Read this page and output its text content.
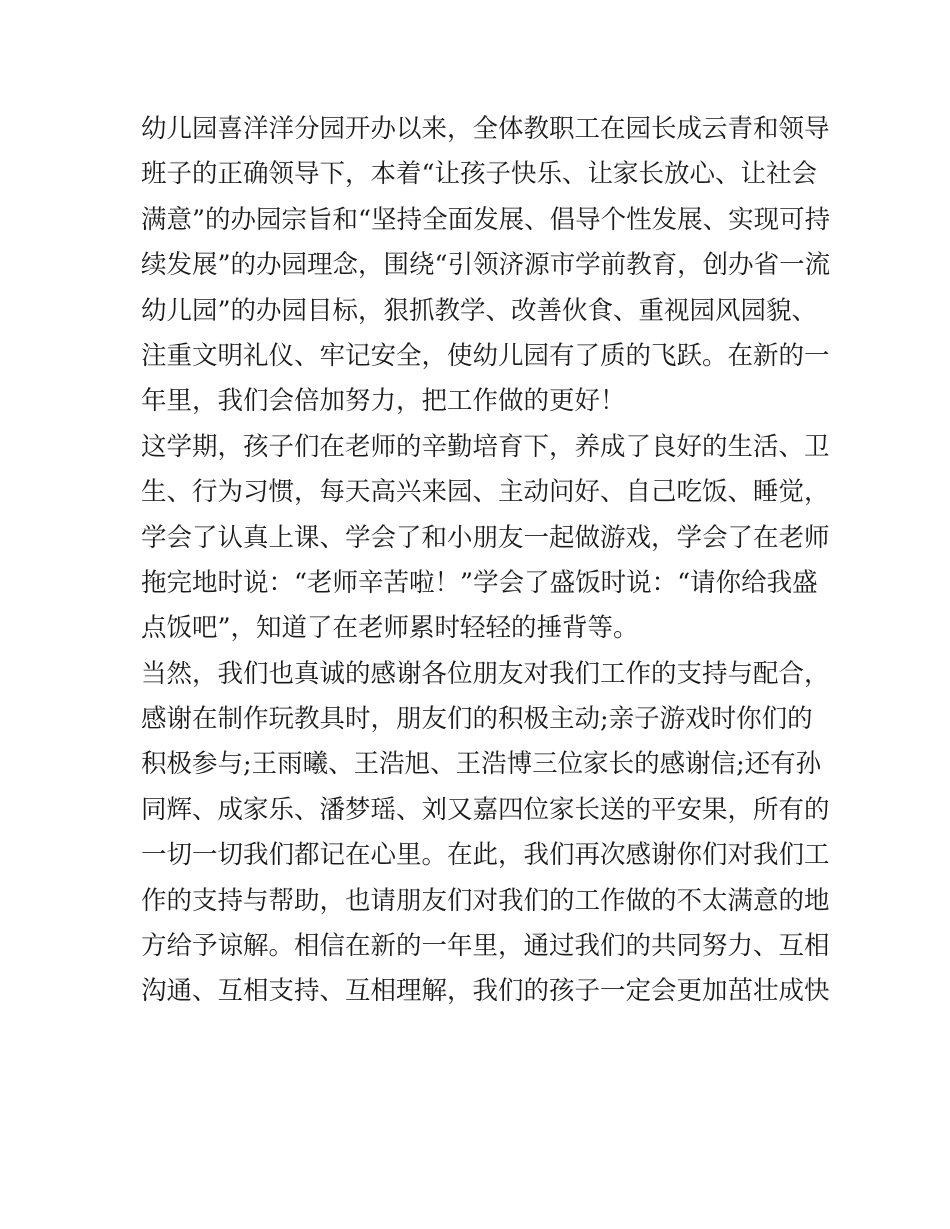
幼儿园喜洋洋分园开办以来，全体教职工在园长成云青和领导
班子的正确领导下，本着“让孩子快乐、让家长放心、让社会
满意”的办园宗旨和“坚持全面发展、倡导个性发展、实现可持
续发展”的办园理念，围绕“引领济源市学前教育，创办省一流
幼儿园”的办园目标，狠抓教学、改善伙食、重视园风园貌、
注重文明礼仪、牢记安全，使幼儿园有了质的飞跃。在新的一
年里，我们会倍加努力，把工作做的更好！
这学期，孩子们在老师的辛勤培育下，养成了良好的生活、卫
生、行为习惯，每天高兴来园、主动问好、自己吃饭、睡觉，
学会了认真上课、学会了和小朋友一起做游戏，学会了在老师
拖完地时说：“老师辛苦啦！”学会了盛饭时说：“请你给我盛
点饭吧”，知道了在老师累时轻轻的捶背等。
当然，我们也真诚的感谢各位朋友对我们工作的支持与配合，
感谢在制作玩教具时，朋友们的积极主动;亲子游戏时你们的
积极参与;王雨曦、王浩旭、王浩博三位家长的感谢信;还有孙
同辉、成家乐、潘梦瑶、刘又嘉四位家长送的平安果，所有的
一切一切我们都记在心里。在此，我们再次感谢你们对我们工
作的支持与帮助，也请朋友们对我们的工作做的不太满意的地
方给予谅解。相信在新的一年里，通过我们的共同努力、互相
沟通、互相支持、互相理解，我们的孩子一定会更加茁壮成快
